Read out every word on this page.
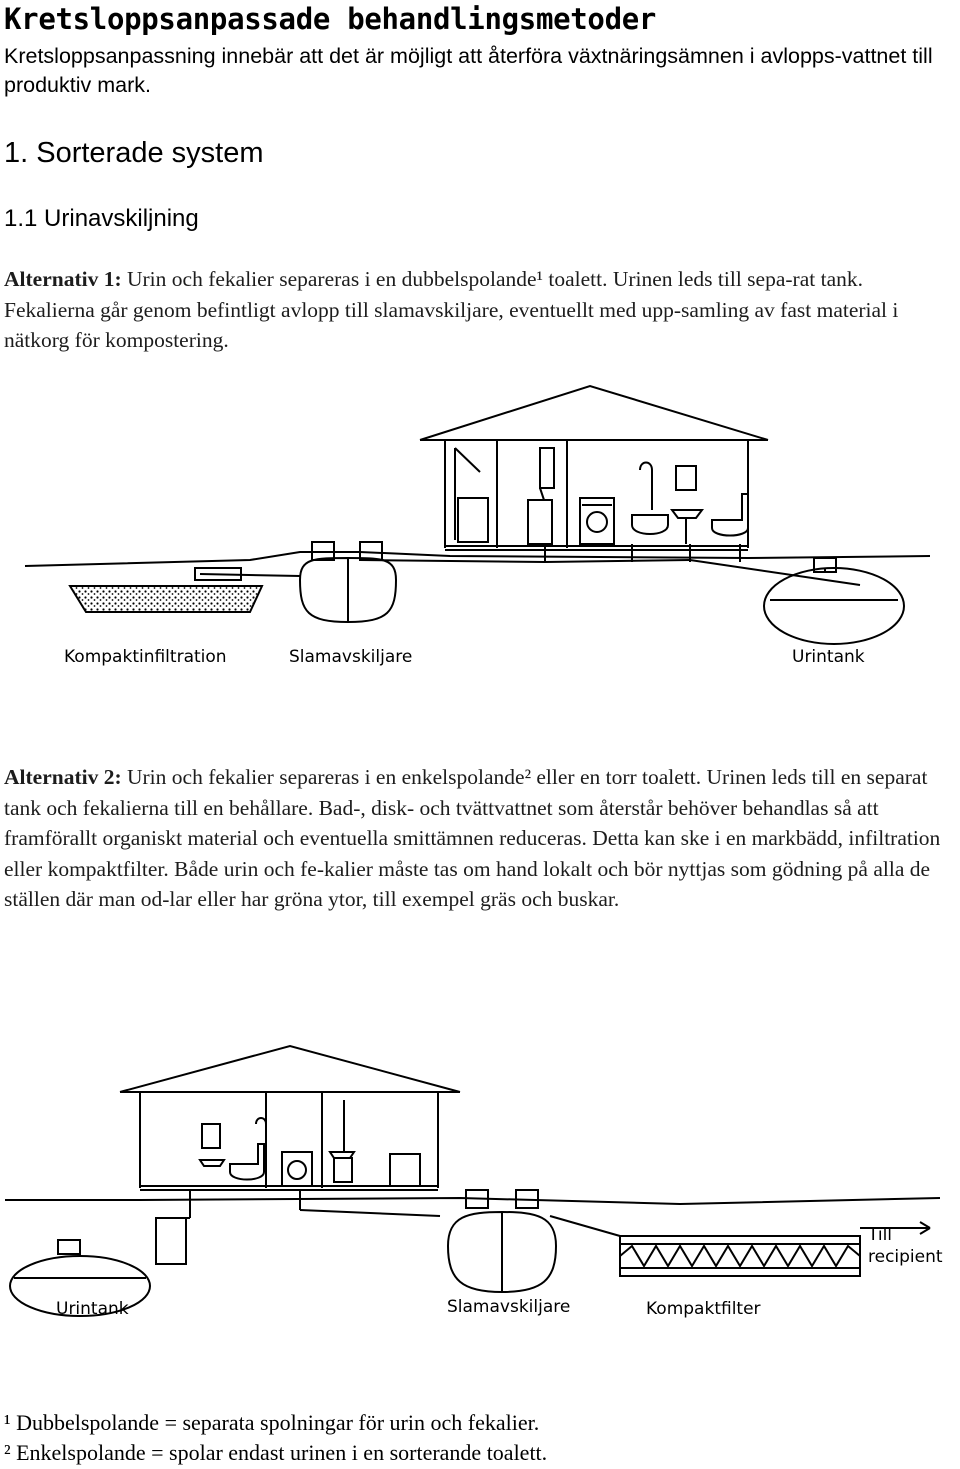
Kretsloppsanpassade behandlingsmetoder
Kretsloppsanpassning innebär att det är möjligt att återföra växtnäringsämnen i avlopps-vattnet till produktiv mark.
1. Sorterade system
1.1 Urinavskiljning
Alternativ 1: Urin och fekalier separeras i en dubbelspolande¹ toalett. Urinen leds till sepa-rat tank. Fekalierna går genom befintligt avlopp till slamavskiljare, eventuellt med upp-samling av fast material i nätkorg för kompostering.
Kompaktinfiltration	Slamavskiljare	Urintank
Alternativ 2: Urin och fekalier separeras i en enkelspolande² eller en torr toalett. Urinen leds till en separat tank och fekalierna till en behållare. Bad-, disk- och tvättvattnet som återstår behöver behandlas så att framförallt organiskt material och eventuella smittämnen reduceras. Detta kan ske i en markbädd, infiltration eller kompaktfilter. Både urin och fe-kalier måste tas om hand lokalt och bör nyttjas som gödning på alla de ställen där man od-lar eller har gröna ytor, till exempel gräs och buskar.
Urintank	Slamavskiljare	Kompaktfilter
Till
recipient
¹ Dubbelspolande = separata spolningar för urin och fekalier.
² Enkelspolande = spolar endast urinen i en sorterande toalett.
